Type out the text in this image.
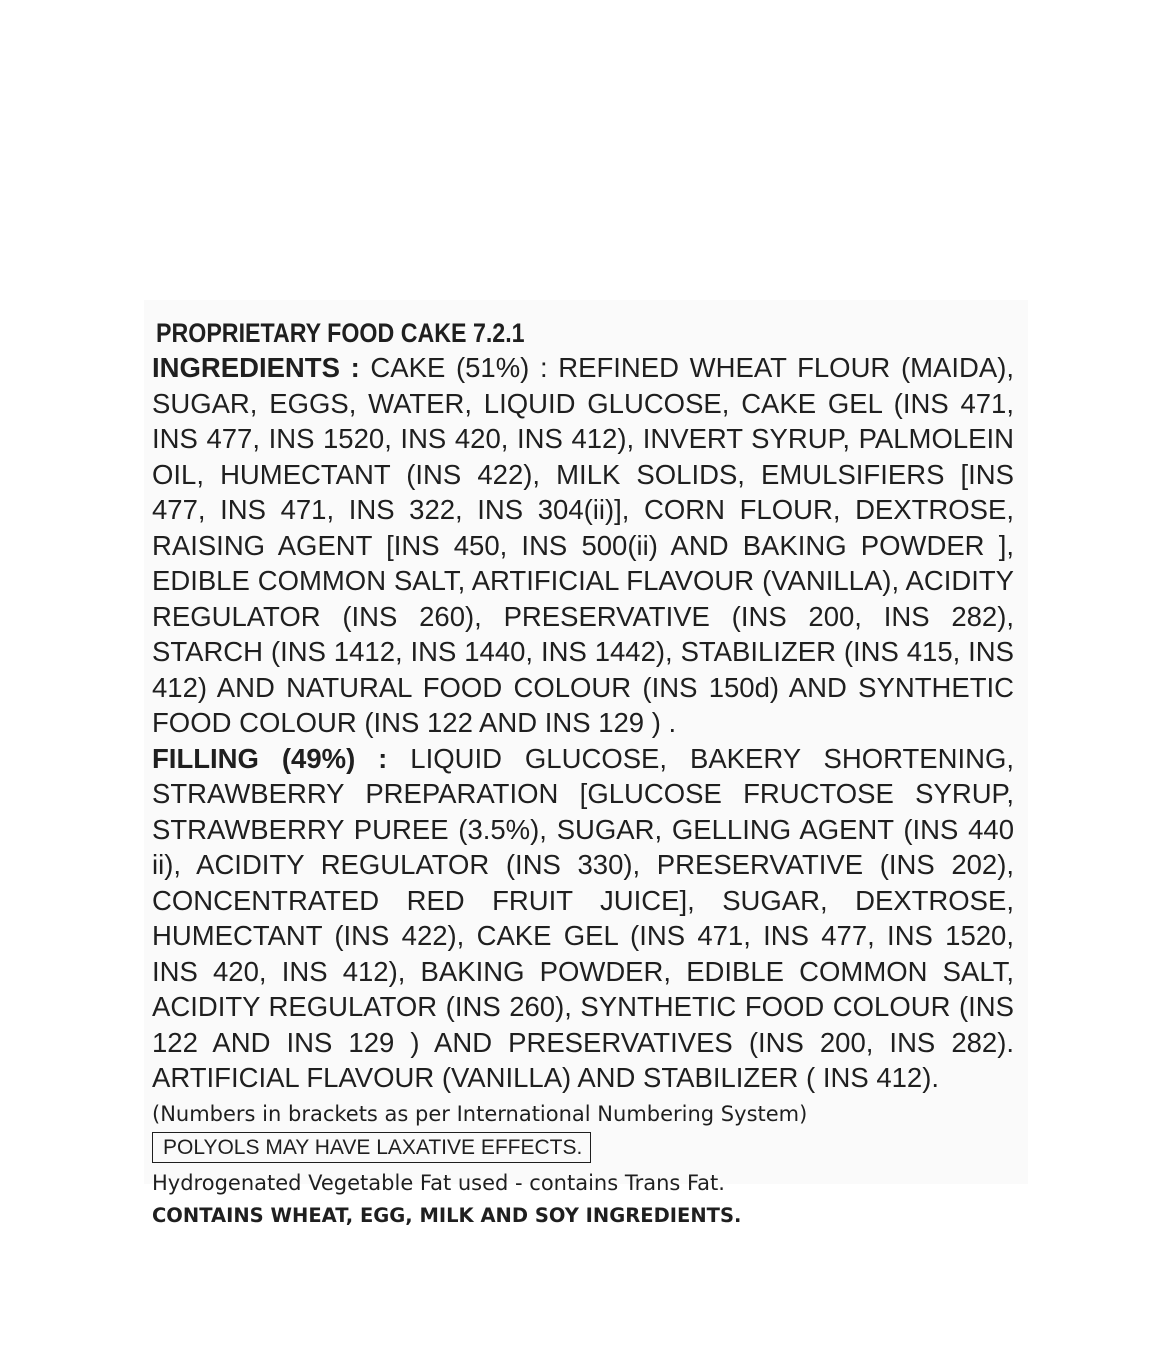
PROPRIETARY FOOD CAKE 7.2.1

INGREDIENTS : CAKE (51%) : REFINED WHEAT FLOUR (MAIDA), SUGAR, EGGS, WATER, LIQUID GLUCOSE, CAKE GEL (INS 471, INS 477, INS 1520, INS 420, INS 412), INVERT SYRUP, PALMOLEIN OIL, HUMECTANT (INS 422), MILK SOLIDS, EMULSIFIERS [INS 477, INS 471, INS 322, INS 304(ii)], CORN FLOUR, DEXTROSE, RAISING AGENT [INS 450, INS 500(ii) AND BAKING POWDER ], EDIBLE COMMON SALT, ARTIFICIAL FLAVOUR (VANILLA), ACIDITY REGULATOR (INS 260), PRESERVATIVE (INS 200, INS 282), STARCH (INS 1412, INS 1440, INS 1442), STABILIZER (INS 415, INS 412) AND NATURAL FOOD COLOUR (INS 150d) AND SYNTHETIC FOOD COLOUR (INS 122 AND INS 129 ) .

FILLING (49%) : LIQUID GLUCOSE, BAKERY SHORTENING, STRAWBERRY PREPARATION [GLUCOSE FRUCTOSE SYRUP, STRAWBERRY PUREE (3.5%), SUGAR, GELLING AGENT (INS 440 ii), ACIDITY REGULATOR (INS 330), PRESERVATIVE (INS 202), CONCENTRATED RED FRUIT JUICE], SUGAR, DEXTROSE, HUMECTANT (INS 422), CAKE GEL (INS 471, INS 477, INS 1520, INS 420, INS 412), BAKING POWDER, EDIBLE COMMON SALT, ACIDITY REGULATOR (INS 260), SYNTHETIC FOOD COLOUR (INS 122 AND INS 129 ) AND PRESERVATIVES (INS 200, INS 282). ARTIFICIAL FLAVOUR (VANILLA) AND STABILIZER ( INS 412).

(Numbers in brackets as per International Numbering System)
POLYOLS MAY HAVE LAXATIVE EFFECTS.
Hydrogenated Vegetable Fat used - contains Trans Fat.
CONTAINS WHEAT, EGG, MILK AND SOY INGREDIENTS.
